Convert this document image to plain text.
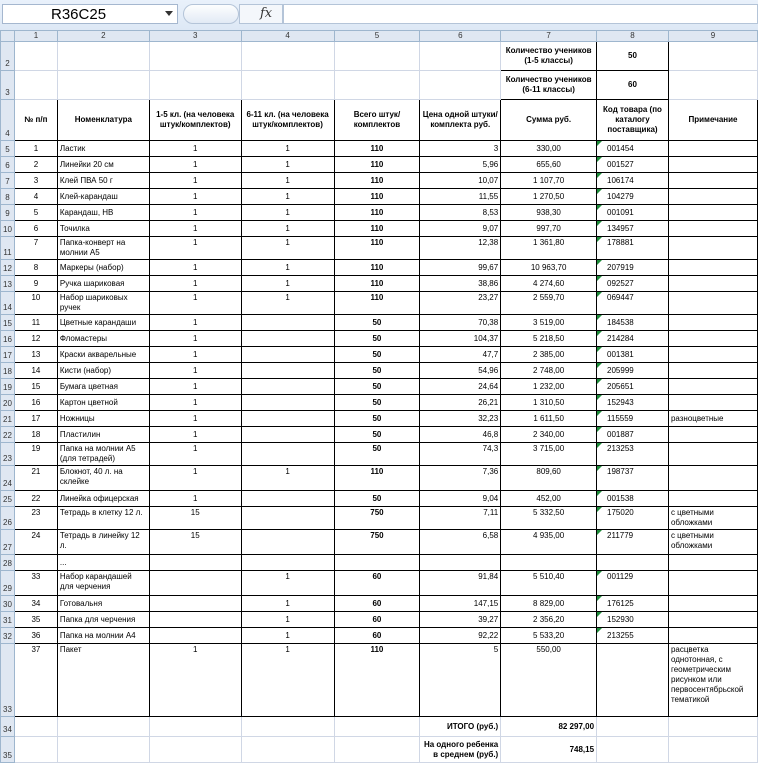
R36C25	fx
	1	2	3	4	5	6	7	8	9
2							Количество учеников (1-5 классы)	50	
3							Количество учеников (6-11 классы)	60	
4	№ п/п	Номенклатура	1-5 кл. (на человека штук/комплектов)	6-11 кл. (на человека штук/комплектов)	Всего штук/комплектов	Цена одной штуки/комплекта руб.	Сумма руб.	Код товара (по каталогу поставщика)	Примечание
5	1	Ластик	1	1	110	3	330,00	001454	
6	2	Линейки 20 см	1	1	110	5,96	655,60	001527	
7	3	Клей ПВА 50 г	1	1	110	10,07	1 107,70	106174	
8	4	Клей-карандаш	1	1	110	11,55	1 270,50	104279	
9	5	Карандаш, НВ	1	1	110	8,53	938,30	001091	
10	6	Точилка	1	1	110	9,07	997,70	134957	
11	7	Папка-конверт на молнии А5	1	1	110	12,38	1 361,80	178881	
12	8	Маркеры (набор)	1	1	110	99,67	10 963,70	207919	
13	9	Ручка шариковая	1	1	110	38,86	4 274,60	092527	
14	10	Набор шариковых ручек	1	1	110	23,27	2 559,70	069447	
15	11	Цветные карандаши	1		50	70,38	3 519,00	184538	
16	12	Фломастеры	1		50	104,37	5 218,50	214284	
17	13	Краски акварельные	1		50	47,7	2 385,00	001381	
18	14	Кисти (набор)	1		50	54,96	2 748,00	205999	
19	15	Бумага цветная	1		50	24,64	1 232,00	205651	
20	16	Картон цветной	1		50	26,21	1 310,50	152943	
21	17	Ножницы	1		50	32,23	1 611,50	115559	разноцветные
22	18	Пластилин	1		50	46,8	2 340,00	001887	
23	19	Папка на молнии А5 (для тетрадей)	1		50	74,3	3 715,00	213253	
24	21	Блокнот, 40 л. на склейке	1	1	110	7,36	809,60	198737	
25	22	Линейка офицерская	1		50	9,04	452,00	001538	
26	23	Тетрадь в клетку 12 л.	15		750	7,11	5 332,50	175020	с цветными обложками
27	24	Тетрадь в линейку 12 л.	15		750	6,58	4 935,00	211779	с цветными обложками
28		...							
29	33	Набор карандашей для черчения		1	60	91,84	5 510,40	001129	
30	34	Готовальня		1	60	147,15	8 829,00	176125	
31	35	Папка для черчения		1	60	39,27	2 356,20	152930	
32	36	Папка на молнии А4		1	60	92,22	5 533,20	213255	
33	37	Пакет	1	1	110	5	550,00		расцветка однотонная, с геометрическим рисунком или первосентябрьской тематикой
34						ИТОГО (руб.)	82 297,00		
35						На одного ребенка в среднем (руб.)	748,15		
